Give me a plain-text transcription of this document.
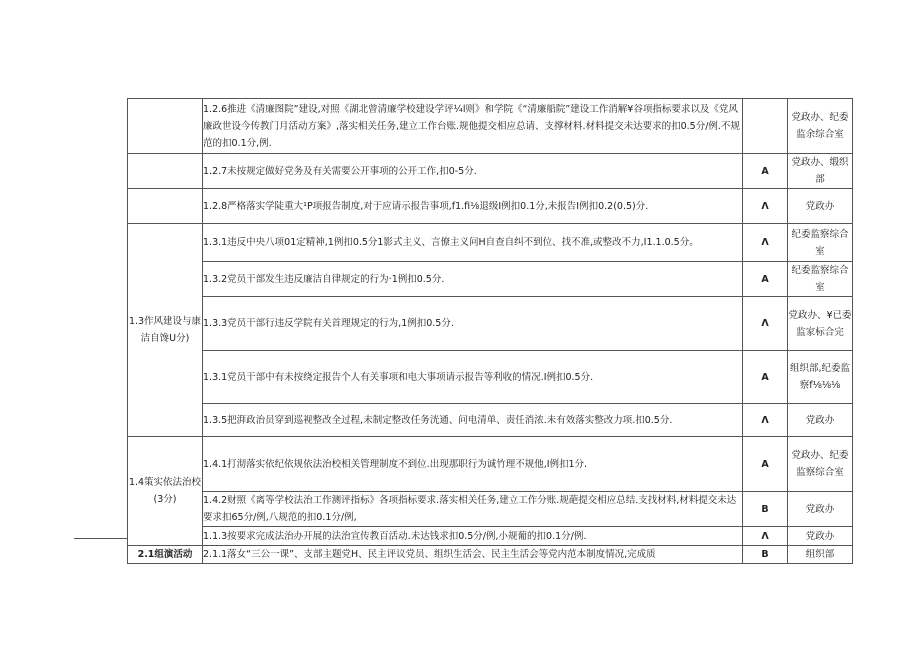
	1.2.6推进《清廉图院”建设,对照《湖北曾清廉学校建设学评¼l则》和学院《“清廉船院”建设工作消解¥谷项指标要求以及《党风廉政世设今传教门月活动方案》,落实相关任务,建立工作台账.规他提交相应总请、支撑材料.材料提交未达要求的扣0.5分/例.不规范的扣0.1分,例.		党政办、纪委监余综合室
	1.2.7未按规定做好党务及有关需要公开事项的公开工作,扣0-5分.	A	党政办、缎织部
	1.2.8严格落实学陡重大¹P项报告制度,对于应请示报告事项,f1.fi⅛退级I例扣0.1分,未报告I例扣0.2(0.5)分.	Λ	党政办
1.3作风建设与康洁自馋U分)	1.3.1违反中央八项01定精神,1例扣0.5分1影式主义、言僚主义问H自查自纠不到位、找不准,或整改不力,I1.1.0.5分。	Λ	纪委监察综合室
	1.3.2党员干部发生违反廉洁自律规定的行为·1例扣0.5分.	A	纪委监察综合室
	1.3.3党员干部行违反学院有关首理规定的行为,1例扣0.5分.	Λ	党政办、¥已委监家标合完
	1.3.1党员干部中有未按绕定报告个人有关事项和电大事项请示报告等利收的情况.I例扣0.5分.	A	组织部,纪委监察f⅛⅛⅛
	1.3.5把湃政治员穿到巡视整改全过程,未制定整改任务洸通、问电清单、责任消浓.未有效落实整改力项.扣0.5分.	Λ	党政办
1.4策实依法治校(3分)	1.4.1打沏落实依纪依规依法治校相关管理制度不到位.出现那职行为诚竹理不规他,I例扣1分.	A	党政办、纪委监察综合室
	1.4.2财照《离等学校法治工作测评指标》各项指标要求.落实相关任务,建立工作分账.规葩提交相应总结.支找材料,材料提交未达要求扣65分/例,八规范的扣0.1分/例,	B	党政办
	1.1.3按要求完成法治办开展的法治宣传教百活动.未达钱求扣0.5分/例,小规葡的扣0.1分/例.	Λ	党政办
2.1组演活动	2.1.1落女“三公一课”、支部主题党H、民主评议党员、组织生活会、民主生活会等党内范本制度情况,完成质	B	组织部
